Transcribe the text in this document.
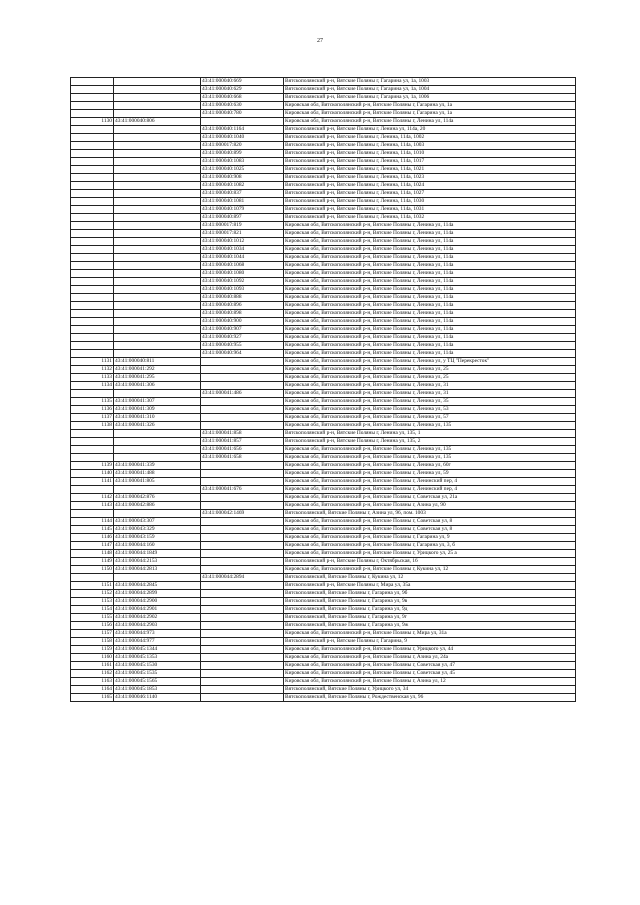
27
		43:41:000040:669	Вятскополянский р-н, Вятские Поляны г, Гагарина ул, 1а, 1003
		43:41:000040:629	Вятскополянский р-н, Вятские Поляны г, Гагарина ул, 1а, 1004
		43:41:000040:668	Вятскополянский р-н, Вятские Поляны г, Гагарина ул, 1а, 1006
		43:41:000040:630	Кировская обл, Вятскополянский р-н, Вятские Поляны г, Гагарина ул, 1а
		43:41:000040:780	Кировская обл, Вятскополянский р-н, Вятские Поляны г, Гагарина ул, 1а
1130	43:41:000040:806		Кировская обл, Вятскополянский р-н, Вятские Поляны г, Ленина ул, 114а
		43:41:000040:1164	Вятскополянский р-н, Вятские Поляны г, Ленина ул, 114а, 20
		43:41:000040:1040	Вятскополянский р-н, Вятские Поляны г, Ленина, 114а, 1002
		43:41:000017:820	Вятскополянский р-н, Вятские Поляны г, Ленина, 114а, 1003
		43:41:000040:899	Вятскополянский р-н, Вятские Поляны г, Ленина, 114а, 1010
		43:41:000040:1083	Вятскополянский р-н, Вятские Поляны г, Ленина, 114а, 1017
		43:41:000040:1025	Вятскополянский р-н, Вятские Поляны г, Ленина, 114а, 1021
		43:41:000040:908	Вятскополянский р-н, Вятские Поляны г, Ленина, 114а, 1023
		43:41:000040:1082	Вятскополянский р-н, Вятские Поляны г, Ленина, 114а, 1024
		43:41:000040:837	Вятскополянский р-н, Вятские Поляны г, Ленина, 114а, 1027
		43:41:000040:1081	Вятскополянский р-н, Вятские Поляны г, Ленина, 114а, 1030
		43:41:000040:1079	Вятскополянский р-н, Вятские Поляны г, Ленина, 114а, 1031
		43:41:000040:897	Вятскополянский р-н, Вятские Поляны г, Ленина, 114а, 1032
		43:41:000017:819	Кировская обл, Вятскополянский р-н, Вятские Поляны г, Ленина ул, 114а
		43:41:000017:821	Кировская обл, Вятскополянский р-н, Вятские Поляны г, Ленина ул, 114а
		43:41:000040:1012	Кировская обл, Вятскополянский р-н, Вятские Поляны г, Ленина ул, 114а
		43:41:000040:1034	Кировская обл, Вятскополянский р-н, Вятские Поляны г, Ленина ул, 114а
		43:41:000040:1044	Кировская обл, Вятскополянский р-н, Вятские Поляны г, Ленина ул, 114а
		43:41:000040:1068	Кировская обл, Вятскополянский р-н, Вятские Поляны г, Ленина ул, 114а
		43:41:000040:1080	Кировская обл, Вятскополянский р-н, Вятские Поляны г, Ленина ул, 114а
		43:41:000040:1092	Кировская обл, Вятскополянский р-н, Вятские Поляны г, Ленина ул, 114а
		43:41:000040:1093	Кировская обл, Вятскополянский р-н, Вятские Поляны г, Ленина ул, 114а
		43:41:000040:888	Кировская обл, Вятскополянский р-н, Вятские Поляны г, Ленина ул, 114а
		43:41:000040:896	Кировская обл, Вятскополянский р-н, Вятские Поляны г, Ленина ул, 114а
		43:41:000040:898	Кировская обл, Вятскополянский р-н, Вятские Поляны г, Ленина ул, 114а
		43:41:000040:900	Кировская обл, Вятскополянский р-н, Вятские Поляны г, Ленина ул, 114а
		43:41:000040:907	Кировская обл, Вятскополянский р-н, Вятские Поляны г, Ленина ул, 114а
		43:41:000040:927	Кировская обл, Вятскополянский р-н, Вятские Поляны г, Ленина ул, 114а
		43:41:000040:955	Кировская обл, Вятскополянский р-н, Вятские Поляны г, Ленина ул, 114а
		43:41:000040:964	Кировская обл, Вятскополянский р-н, Вятские Поляны г, Ленина ул, 114а
1131	43:41:000040:811		Кировская обл, Вятскополянский р-н, Вятские Поляны г, Ленина ул, у ТЦ "Перекресток"
1132	43:41:000041:292		Кировская обл, Вятскополянский р-н, Вятские Поляны г, Ленина ул, 25
1133	43:41:000041:295		Кировская обл, Вятскополянский р-н, Вятские Поляны г, Ленина ул, 25
1134	43:41:000041:306		Кировская обл, Вятскополянский р-н, Вятские Поляны г, Ленина ул, 31
		43:41:000041:486	Кировская обл, Вятскополянский р-н, Вятские Поляны г, Ленина ул, 31
1135	43:41:000041:307		Кировская обл, Вятскополянский р-н, Вятские Поляны г, Ленина ул, 35
1136	43:41:000041:309		Кировская обл, Вятскополянский р-н, Вятские Поляны г, Ленина ул, 53
1137	43:41:000041:310		Кировская обл, Вятскополянский р-н, Вятские Поляны г, Ленина ул, 57
1138	43:41:000041:326		Кировская обл, Вятскополянский р-н, Вятские Поляны г, Ленина ул, 135
		43:41:000041:858	Вятскополянский р-н, Вятские Поляны г, Ленина ул, 135, 1
		43:41:000041:857	Вятскополянский р-н, Вятские Поляны г, Ленина ул, 135, 2
		43:41:000041:656	Кировская обл, Вятскополянский р-н, Вятские Поляны г, Ленина ул, 135
		43:41:000041:658	Кировская обл, Вятскополянский р-н, Вятские Поляны г, Ленина ул, 135
1139	43:41:000041:339		Кировская обл, Вятскополянский р-н, Вятские Поляны г, Ленина ул, 60г
1140	43:41:000041:488		Кировская обл, Вятскополянский р-н, Вятские Поляны г, Ленина ул, 59
1141	43:41:000041:805		Кировская обл, Вятскополянский р-н, Вятские Поляны г, Ленинский пер, 4
		43:41:000041:676	Кировская обл, Вятскополянский р-н, Вятские Поляны г, Ленинский пер, 4
1142	43:41:000042:876		Кировская обл, Вятскополянский р-н, Вятские Поляны г, Советская ул, 21а
1143	43:41:000042:886		Кировская обл, Вятскополянский р-н, Вятские Поляны г, Азина ул, 90
		43:41:000042:1469	Вятскополянский, Вятские Поляны г, Азина ул, 96, пом. 1003
1144	43:41:000043:307		Кировская обл, Вятскополянский р-н, Вятские Поляны г, Советская ул, 8
1145	43:41:000043:329		Кировская обл, Вятскополянский р-н, Вятские Поляны г, Советская ул, 8
1146	43:41:000043:159		Кировская обл, Вятскополянский р-н, Вятские Поляны г, Гагарина ул, 9
1147	43:41:000044:160		Кировская обл, Вятскополянский р-н, Вятские Поляны г, Гагарина ул, 3, б
1148	43:41:000044:1849		Кировская обл, Вятскополянский р-н, Вятские Поляны г, Урицкого ул, 25 а
1149	43:41:000044:2153		Вятскополянский р-н, Вятские Поляны г, Октябрьская, 16
1150	43:41:000044:2813		Кировская обл, Вятскополянский р-н, Вятские Поляны г, Кукина ул, 12
		43:41:000044:2894	Вятскополянский, Вятские Поляны г, Кукина ул, 12
1151	43:41:000044:2845		Вятскополянский р-н, Вятские Поляны г, Мира ул, 35а
1152	43:41:000044:2899		Вятскополянский, Вятские Поляны г, Гагарина ул, 9б
1153	43:41:000044:2900		Вятскополянский, Вятские Поляны г, Гагарина ул, 9в
1154	43:41:000044:2901		Вятскополянский, Вятские Поляны г, Гагарина ул, 9д
1155	43:41:000044:2902		Вятскополянский, Вятские Поляны г, Гагарина ул, 9г
1156	43:41:000044:2903		Вятскополянский, Вятские Поляны г, Гагарина ул, 9ж
1157	43:41:000044:973		Кировская обл, Вятскополянский р-н, Вятские Поляны г, Мира ул, 31а
1158	43:41:000044:977		Вятскополянский р-н, Вятские Поляны г, Гагарина, 9
1159	43:41:000045:1344		Кировская обл, Вятскополянский р-н, Вятские Поляны г, Урицкого ул, 44
1160	43:41:000045:1353		Кировская обл, Вятскополянский р-н, Вятские Поляны г, Азина ул, 24а
1161	43:41:000045:1530		Кировская обл, Вятскополянский р-н, Вятские Поляны г, Советская ул, 47
1162	43:41:000045:1535		Кировская обл, Вятскополянский р-н, Вятские Поляны г, Советская ул, 45
1163	43:41:000045:1565		Кировская обл, Вятскополянский р-н, Вятские Поляны г, Азина ул, 12
1164	43:41:000045:1853		Вятскополянский, Вятские Поляны г, Урицкого ул, 34
1165	43:41:000046:1140		Вятскополянский, Вятские Поляны г, Рождественская ул, 96
